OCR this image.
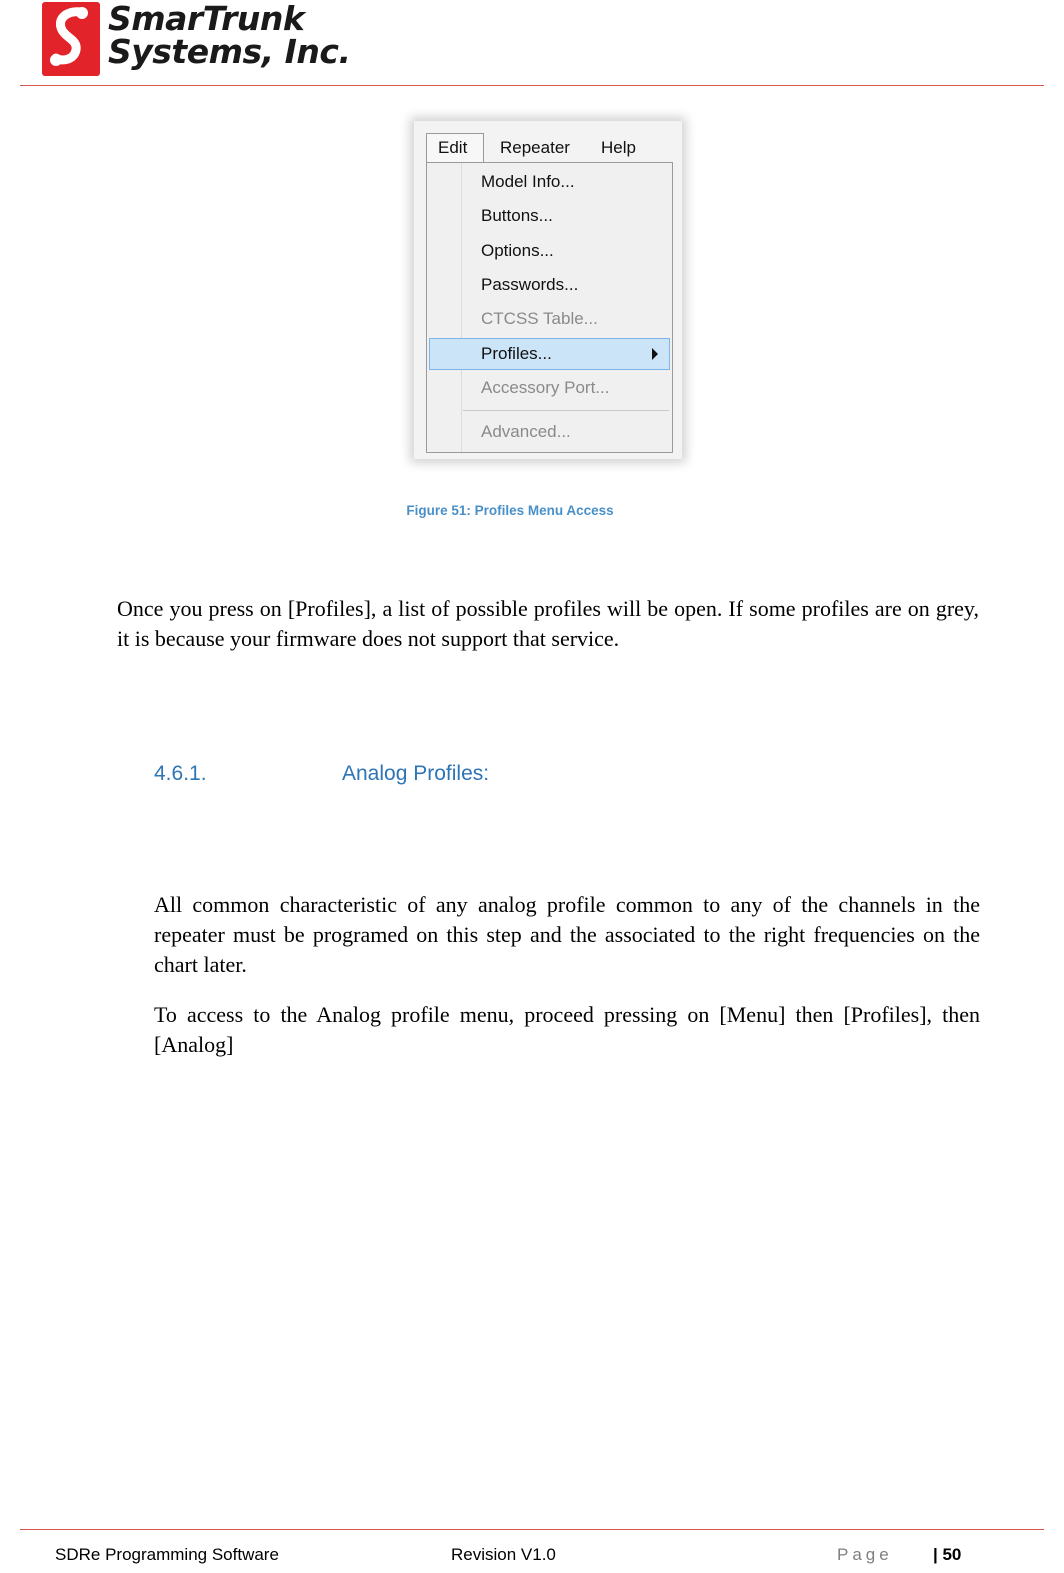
SmarTrunk
Systems, Inc.
Edit Repeater Help
Model Info...
Buttons...
Options...
Passwords...
CTCSS Table...
Profiles...
Accessory Port...
Advanced...
Figure 51: Profiles Menu Access
Once you press on [Profiles], a list of possible profiles will be open. If some profiles are on grey, it is because your firmware does not support that service.
4.6.1.	Analog Profiles:
All common characteristic of any analog profile common to any of the channels in the repeater must be programed on this step and the associated to the right frequencies on the chart later.
To access to the Analog profile menu, proceed pressing on [Menu] then [Profiles], then [Analog]
SDRe Programming Software	Revision V1.0	Page | 50
